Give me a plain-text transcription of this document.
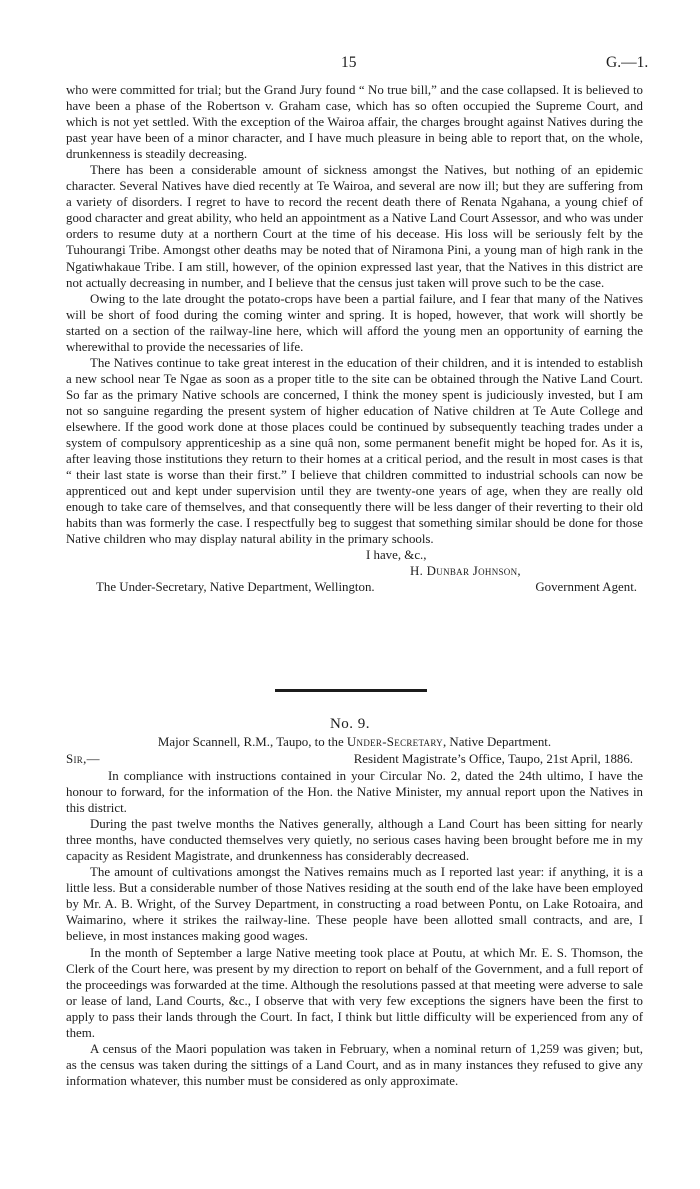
15	G.—1.

who were committed for trial; but the Grand Jury found “ No true bill,” and the case collapsed. It is believed to have been a phase of the Robertson v. Graham case, which has so often occupied the Supreme Court, and which is not yet settled. With the exception of the Wairoa affair, the charges brought against Natives during the past year have been of a minor character, and I have much pleasure in being able to report that, on the whole, drunkenness is steadily decreasing.

There has been a considerable amount of sickness amongst the Natives, but nothing of an epidemic character. Several Natives have died recently at Te Wairoa, and several are now ill; but they are suffering from a variety of disorders. I regret to have to record the recent death there of Renata Ngahana, a young chief of good character and great ability, who held an appointment as a Native Land Court Assessor, and who was under orders to resume duty at a northern Court at the time of his decease. His loss will be seriously felt by the Tuhourangi Tribe. Amongst other deaths may be noted that of Niramona Pini, a young man of high rank in the Ngatiwhakaue Tribe. I am still, however, of the opinion expressed last year, that the Natives in this district are not actually decreasing in number, and I believe that the census just taken will prove such to be the case.

Owing to the late drought the potato-crops have been a partial failure, and I fear that many of the Natives will be short of food during the coming winter and spring. It is hoped, however, that work will shortly be started on a section of the railway-line here, which will afford the young men an opportunity of earning the wherewithal to provide the necessaries of life.

The Natives continue to take great interest in the education of their children, and it is intended to establish a new school near Te Ngae as soon as a proper title to the site can be obtained through the Native Land Court. So far as the primary Native schools are concerned, I think the money spent is judiciously invested, but I am not so sanguine regarding the present system of higher education of Native children at Te Aute College and elsewhere. If the good work done at those places could be continued by subsequently teaching trades under a system of compulsory apprenticeship as a sine quâ non, some permanent benefit might be hoped for. As it is, after leaving those institutions they return to their homes at a critical period, and the result in most cases is that “ their last state is worse than their first.” I believe that children committed to industrial schools can now be apprenticed out and kept under supervision until they are twenty-one years of age, when they are really old enough to take care of themselves, and that consequently there will be less danger of their reverting to their old habits than was formerly the case. I respectfully beg to suggest that something similar should be done for those Native children who may display natural ability in the primary schools.

I have, &c.,
H. Dunbar Johnson,
The Under-Secretary, Native Department, Wellington.	Government Agent.
No. 9.
Major Scannell, R.M., Taupo, to the Under-Secretary, Native Department.
Sir,—	Resident Magistrate’s Office, Taupo, 21st April, 1886.

In compliance with instructions contained in your Circular No. 2, dated the 24th ultimo, I have the honour to forward, for the information of the Hon. the Native Minister, my annual report upon the Natives in this district.

During the past twelve months the Natives generally, although a Land Court has been sitting for nearly three months, have conducted themselves very quietly, no serious cases having been brought before me in my capacity as Resident Magistrate, and drunkenness has considerably decreased.

The amount of cultivations amongst the Natives remains much as I reported last year: if anything, it is a little less. But a considerable number of those Natives residing at the south end of the lake have been employed by Mr. A. B. Wright, of the Survey Department, in constructing a road between Pontu, on Lake Rotoaira, and Waimarino, where it strikes the railway-line. These people have been allotted small contracts, and are, I believe, in most instances making good wages.

In the month of September a large Native meeting took place at Poutu, at which Mr. E. S. Thomson, the Clerk of the Court here, was present by my direction to report on behalf of the Government, and a full report of the proceedings was forwarded at the time. Although the resolutions passed at that meeting were adverse to sale or lease of land, Land Courts, &c., I observe that with very few exceptions the signers have been the first to apply to pass their lands through the Court. In fact, I think but little difficulty will be experienced from any of them.

A census of the Maori population was taken in February, when a nominal return of 1,259 was given; but, as the census was taken during the sittings of a Land Court, and as in many instances they refused to give any information whatever, this number must be considered as only approximate.
